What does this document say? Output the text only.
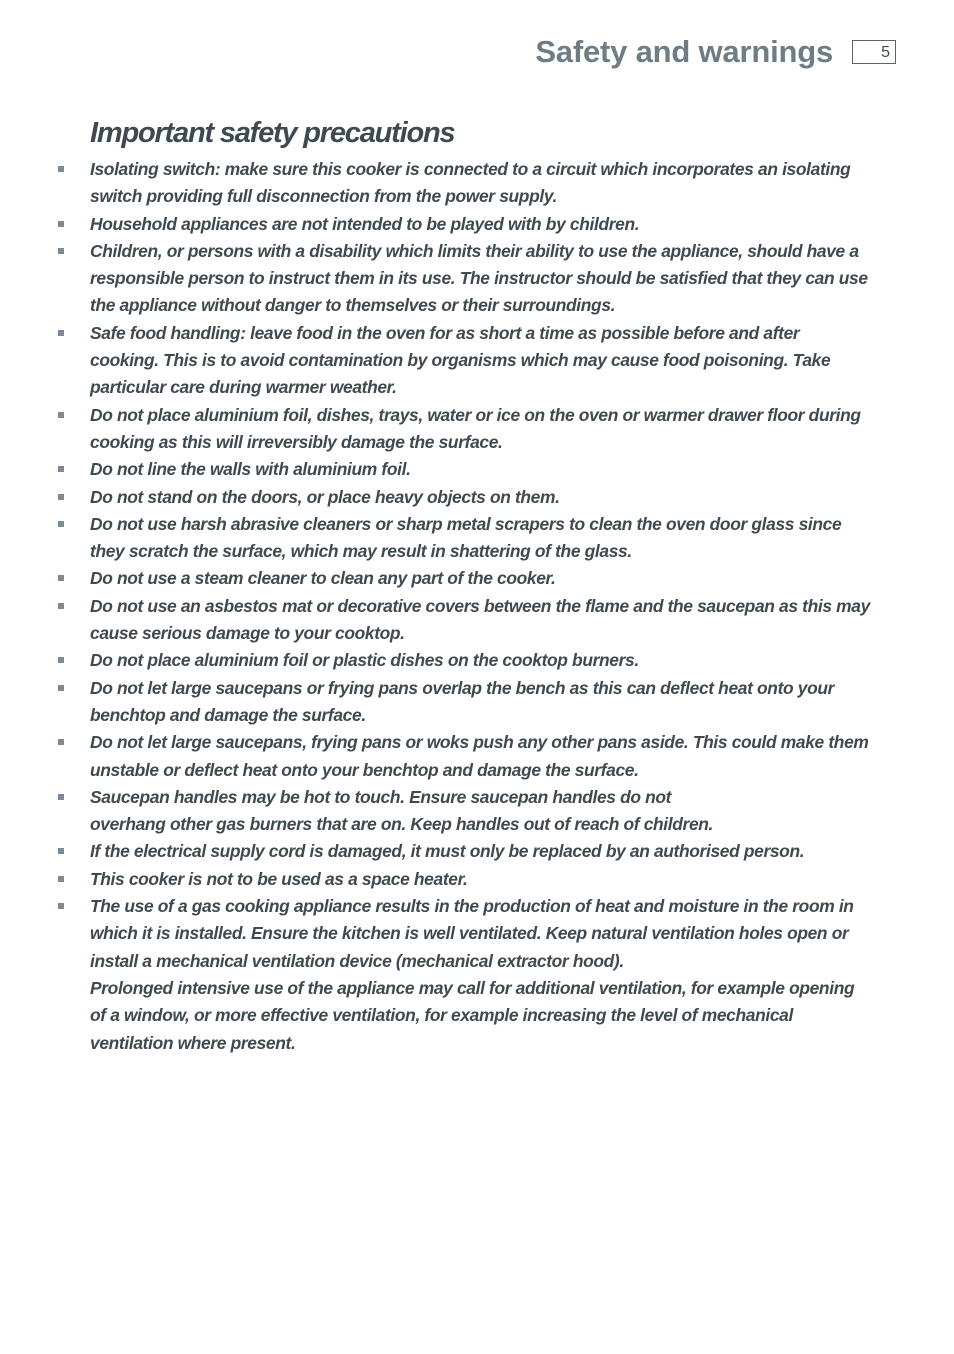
Safety and warnings	5
Important safety precautions
Isolating switch: make sure this cooker is connected to a circuit which incorporates an isolating
switch providing full disconnection from the power supply.
Household appliances are not intended to be played with by children.
Children, or persons with a disability which limits their ability to use the appliance, should have a
responsible person to instruct them in its use. The instructor should be satisfied that they can use
the appliance without danger to themselves or their surroundings.
Safe food handling: leave food in the oven for as short a time as possible before and after
cooking. This is to avoid contamination by organisms which may cause food poisoning. Take
particular care during warmer weather.
Do not place aluminium foil, dishes, trays, water or ice on the oven or warmer drawer floor during
cooking as this will irreversibly damage the surface.
Do not line the walls with aluminium foil.
Do not stand on the doors, or place heavy objects on them.
Do not use harsh abrasive cleaners or sharp metal scrapers to clean the oven door glass since
they scratch the surface, which may result in shattering of the glass.
Do not use a steam cleaner to clean any part of the cooker.
Do not use an asbestos mat or decorative covers between the flame and the saucepan as this may
cause serious damage to your cooktop.
Do not place aluminium foil or plastic dishes on the cooktop burners.
Do not let large saucepans or frying pans overlap the bench as this can deflect heat onto your
benchtop and damage the surface.
Do not let large saucepans, frying pans or woks push any other pans aside. This could make them
unstable or deflect heat onto your benchtop and damage the surface.
Saucepan handles may be hot to touch. Ensure saucepan handles do not
overhang other gas burners that are on. Keep handles out of reach of children.
If the electrical supply cord is damaged, it must only be replaced by an authorised person.
This cooker is not to be used as a space heater.
The use of a gas cooking appliance results in the production of heat and moisture in the room in
which it is installed. Ensure the kitchen is well ventilated. Keep natural ventilation holes open or
install a mechanical ventilation device (mechanical extractor hood).
Prolonged intensive use of the appliance may call for additional ventilation, for example opening
of a window, or more effective ventilation, for example increasing the level of mechanical
ventilation where present.
